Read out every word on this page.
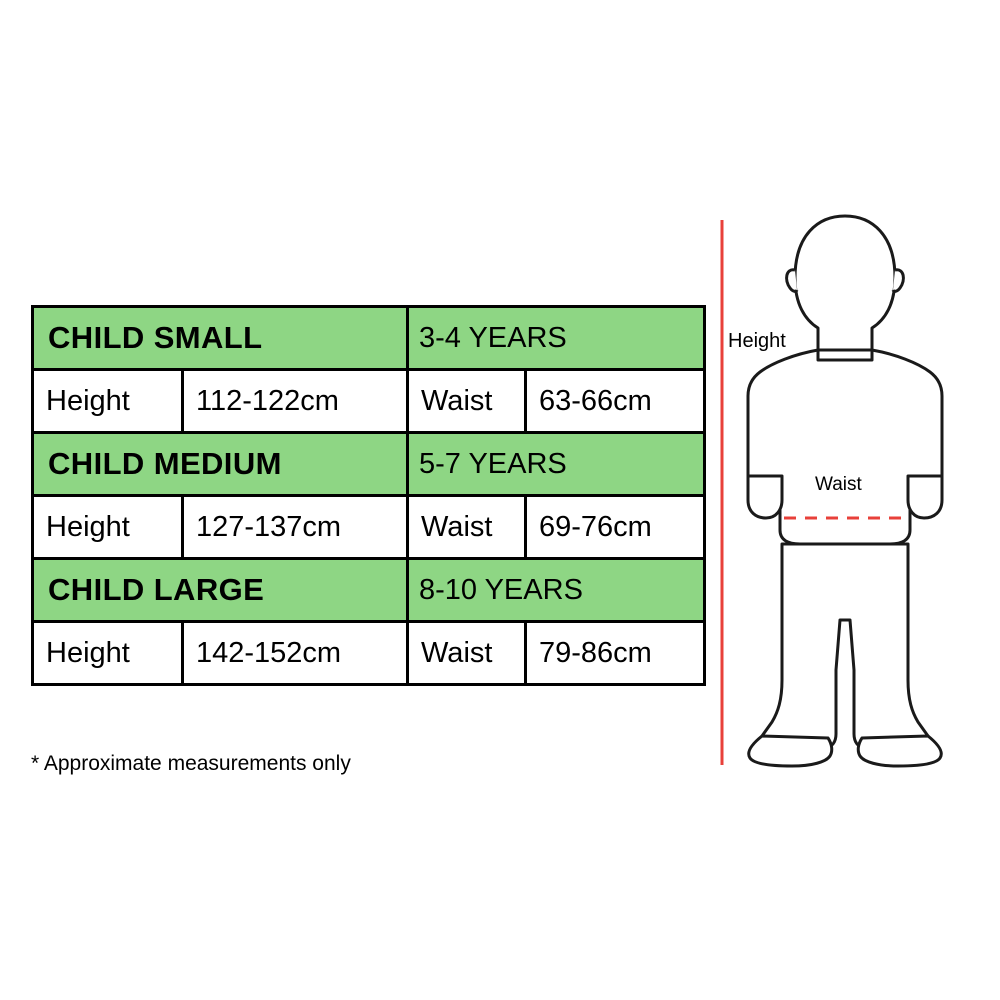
CHILD SMALL		3-4 YEARS	
Height	112-122cm	Waist	63-66cm
CHILD MEDIUM		5-7 YEARS	
Height	127-137cm	Waist	69-76cm
CHILD LARGE		8-10 YEARS	
Height	142-152cm	Waist	79-86cm
* Approximate measurements only
Height
Waist
